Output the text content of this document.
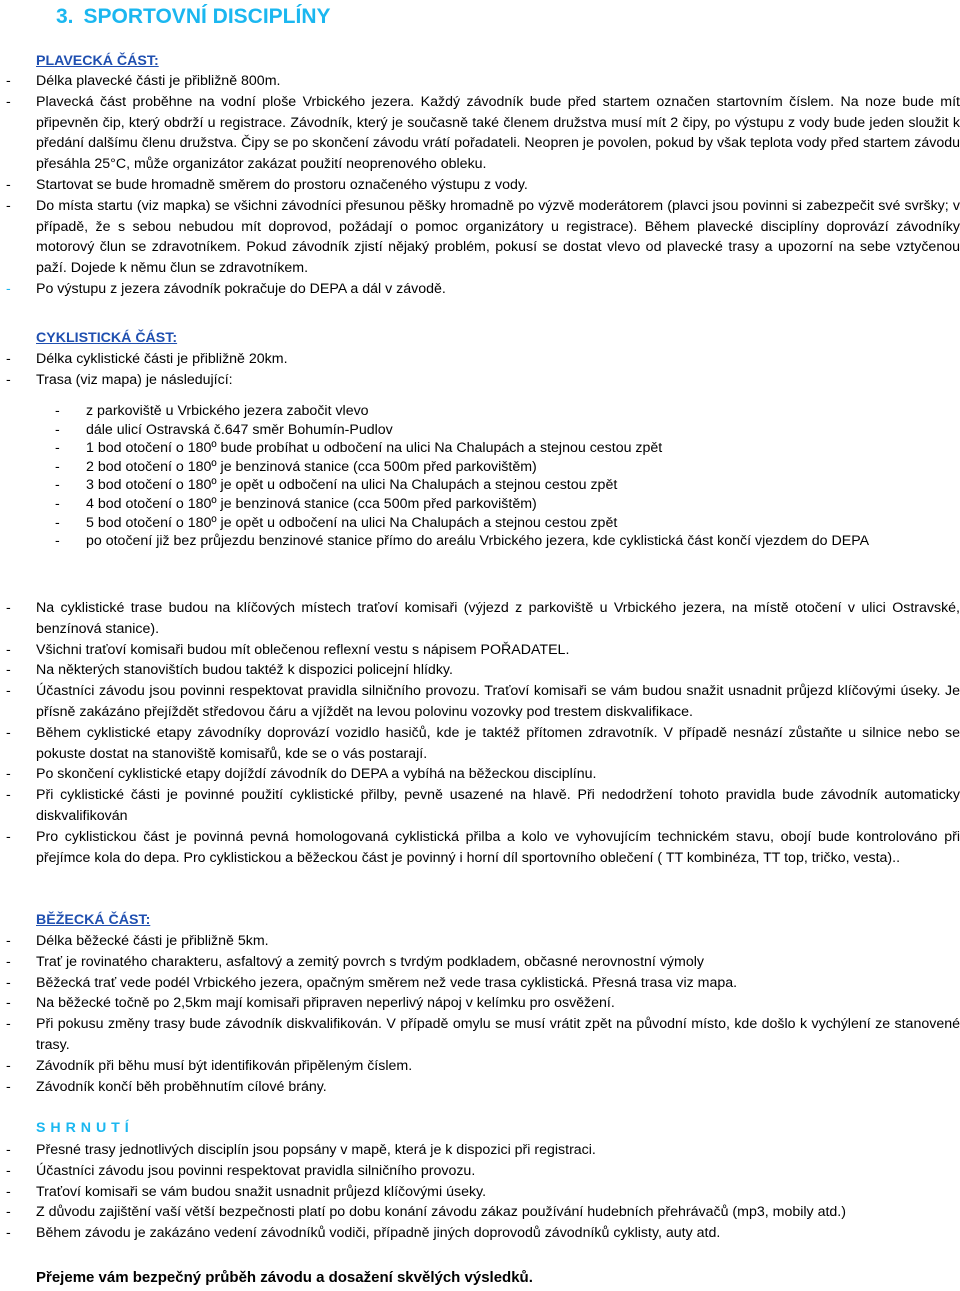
3. SPORTOVNÍ DISCIPLÍNY

PLAVECKÁ ČÁST:

- Délka plavecké části je přibližně 800m.
- Plavecká část proběhne na vodní ploše Vrbického jezera. Každý závodník bude před startem označen startovním číslem. Na noze bude mít připevněn čip, který obdrží u registrace. Závodník, který je současně také členem družstva musí mít 2 čipy, po výstupu z vody bude jeden sloužit k předání dalšímu členu družstva. Čipy se po skončení závodu vrátí pořadateli. Neopren je povolen, pokud by však teplota vody před startem závodu přesáhla 25°C, může organizátor zakázat použití neoprenového obleku.
- Startovat se bude hromadně směrem do prostoru označeného výstupu z vody.
- Do místa startu (viz mapka) se všichni závodníci přesunou pěšky hromadně po výzvě moderátorem (plavci jsou povinni si zabezpečit své svršky; v případě, že s sebou nebudou mít doprovod, požádají o pomoc organizátory u registrace). Během plavecké disciplíny doprovází závodníky motorový člun se zdravotníkem. Pokud závodník zjistí nějaký problém, pokusí se dostat vlevo od plavecké trasy a upozorní na sebe vztyčenou paží. Dojede k němu člun se zdravotníkem.
- Po výstupu z jezera závodník pokračuje do DEPA a dál v závodě.

CYKLISTICKÁ ČÁST:

- Délka cyklistické části je přibližně 20km.
- Trasa (viz mapa) je následující:
- z parkoviště u Vrbického jezera zabočit vlevo
- dále ulicí Ostravská č.647 směr Bohumín-Pudlov
- 1 bod otočení o 180º bude probíhat u odbočení na ulici Na Chalupách a stejnou cestou zpět
- 2 bod otočení o 180º je benzinová stanice (cca 500m před parkovištěm)
- 3 bod otočení o 180º je opět u odbočení na ulici Na Chalupách a stejnou cestou zpět
- 4 bod otočení o 180º je benzinová stanice (cca 500m před parkovištěm)
- 5 bod otočení o 180º je opět u odbočení na ulici Na Chalupách a stejnou cestou zpět
- po otočení již bez průjezdu benzinové stanice přímo do areálu Vrbického jezera, kde cyklistická část končí vjezdem do DEPA
- Na cyklistické trase budou na klíčových místech traťoví komisaři (výjezd z parkoviště u Vrbického jezera, na místě otočení v ulici Ostravské, benzínová stanice).
- Všichni traťoví komisaři budou mít oblečenou reflexní vestu s nápisem POŘADATEL.
- Na některých stanovištích budou taktéž k dispozici policejní hlídky.
- Účastníci závodu jsou povinni respektovat pravidla silničního provozu. Traťoví komisaři se vám budou snažit usnadnit průjezd klíčovými úseky. Je přísně zakázáno přejíždět středovou čáru a vjíždět na levou polovinu vozovky pod trestem diskvalifikace.
- Během cyklistické etapy závodníky doprovází vozidlo hasičů, kde je taktéž přítomen zdravotník. V případě nesnází zůstaňte u silnice nebo se pokuste dostat na stanoviště komisařů, kde se o vás postarají.
- Po skončení cyklistické etapy dojíždí závodník do DEPA a vybíhá na běžeckou disciplínu.
- Při cyklistické části je povinné použití cyklistické přilby, pevně usazené na hlavě. Při nedodržení tohoto pravidla bude závodník automaticky diskvalifikován
- Pro cyklistickou část je povinná pevná homologovaná cyklistická přilba a kolo ve vyhovujícím technickém stavu, obojí bude kontrolováno při přejímce kola do depa. Pro cyklistickou a běžeckou část je povinný i horní díl sportovního oblečení ( TT kombinéza, TT top, tričko, vesta)..

BĚŽECKÁ ČÁST:

- Délka běžecké části je přibližně 5km.
- Trať je rovinatého charakteru, asfaltový a zemitý povrch s tvrdým podkladem, občasné nerovnostní výmoly
- Běžecká trať vede podél Vrbického jezera, opačným směrem než vede trasa cyklistická. Přesná trasa viz mapa.
- Na běžecké točně po 2,5km mají komisaři připraven neperlivý nápoj v kelímku pro osvěžení.
- Při pokusu změny trasy bude závodník diskvalifikován. V případě omylu se musí vrátit zpět na původní místo, kde došlo k vychýlení ze stanovené trasy.
- Závodník při běhu musí být identifikován připěleným číslem.
- Závodník končí běh proběhnutím cílové brány.

S H R N U T Í

- Přesné trasy jednotlivých disciplín jsou popsány v mapě, která je k dispozici při registraci.
- Účastníci závodu jsou povinni respektovat pravidla silničního provozu.
- Traťoví komisaři se vám budou snažit usnadnit průjezd klíčovými úseky.
- Z důvodu zajištění vaší větší bezpečnosti platí po dobu konání závodu zákaz používání hudebních přehrávačů (mp3, mobily atd.)
- Během závodu je zakázáno vedení závodníků vodiči, případně jiných doprovodů závodníků cyklisty, auty atd.

Přejeme vám bezpečný průběh závodu a dosažení skvělých výsledků.
